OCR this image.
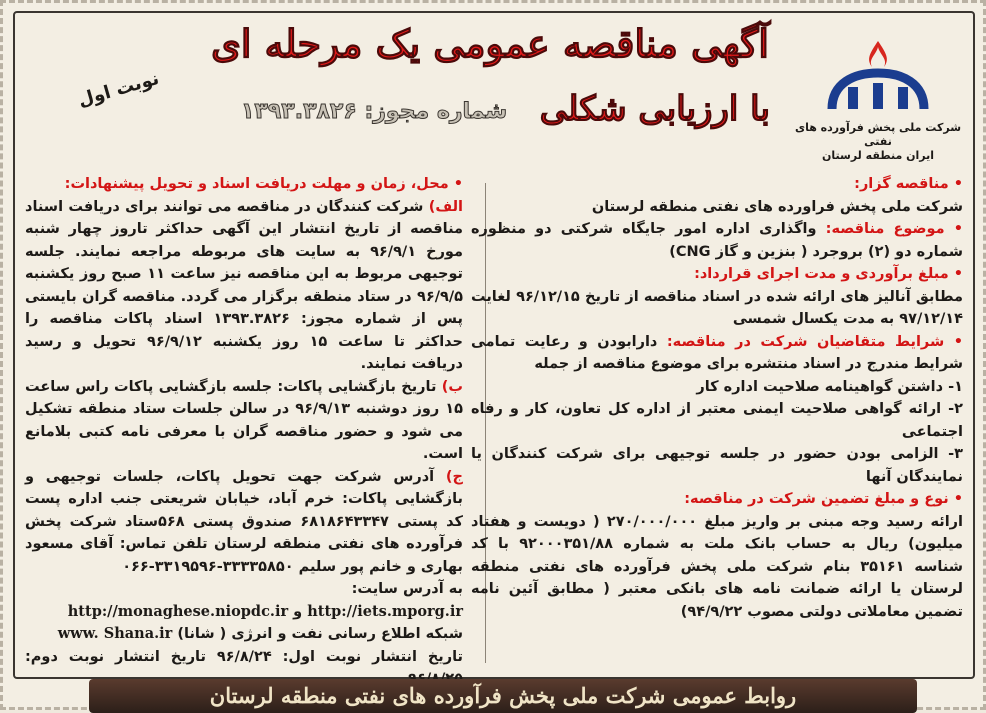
شرکت ملی پخش فرآورده های نفتی
ایران منطقه لرستان
آگهی مناقصه عمومی یک مرحله ای
با ارزیابی شکلی
شماره مجوز: ۱۳۹۳.۳۸۲۶
نوبت اول
• مناقصه گزار:
شرکت ملی پخش فراورده های نفتی منطقه لرستان
• موضوع مناقصه: واگذاری اداره امور جایگاه شرکتی دو منظوره شماره دو (۲) بروجرد ( بنزین و گاز CNG)
• مبلغ برآوردی و مدت اجرای قرارداد:
مطابق آنالیز های ارائه شده در اسناد مناقصه از تاریخ ۹۶/۱۲/۱۵ لغایت ۹۷/۱۲/۱۴ به مدت یکسال شمسی
• شرایط متقاضیان شرکت در مناقصه: دارابودن و رعایت تمامی شرایط مندرج در اسناد منتشره برای موضوع مناقصه از جمله
۱- داشتن گواهینامه صلاحیت اداره کار
۲- ارائه گواهی صلاحیت ایمنی معتبر از اداره کل تعاون، کار و رفاه اجتماعی
۳- الزامی بودن حضور در جلسه توجیهی برای شرکت کنندگان یا نمایندگان آنها
• نوع و مبلغ تضمین شرکت در مناقصه:
ارائه رسید وجه مبنی بر واریز مبلغ ۲۷۰/۰۰۰/۰۰۰ ( دویست و هفتاد میلیون) ریال به حساب بانک ملت به شماره ۹۲۰۰۰۳۵۱/۸۸ با کد شناسه ۳۵۱۶۱ بنام شرکت ملی پخش فرآورده های نفتی منطقه لرستان یا ارائه ضمانت نامه های بانکی معتبر ( مطابق آئین نامه تضمین معاملاتی دولتی مصوب ۹۴/۹/۲۲)
• محل، زمان و مهلت دریافت اسناد و تحویل پیشنهادات:
الف) شرکت کنندگان در مناقصه می توانند برای دریافت اسناد مناقصه از تاریخ انتشار این آگهی حداکثر تاروز چهار شنبه مورخ ۹۶/۹/۱ به سایت های مربوطه مراجعه نمایند. جلسه توجیهی مربوط به این مناقصه نیز ساعت ۱۱ صبح روز یکشنبه ۹۶/۹/۵ در ستاد منطقه برگزار می گردد. مناقصه گران بایستی پس از شماره مجوز: ۱۳۹۳.۳۸۲۶ اسناد پاکات مناقصه را حداکثر تا ساعت ۱۵ روز یکشنبه ۹۶/۹/۱۲ تحویل و رسید دریافت نمایند.
ب) تاریخ بازگشایی پاکات: جلسه بازگشایی پاکات راس ساعت ۱۵ روز دوشنبه ۹۶/۹/۱۳ در سالن جلسات ستاد منطقه تشکیل می شود و حضور مناقصه گران با معرفی نامه کتبی بلامانع است.
ج) آدرس شرکت جهت تحویل پاکات، جلسات توجیهی و بازگشایی پاکات: خرم آباد، خیابان شریعتی جنب اداره پست کد پستی ۶۸۱۸۶۴۳۳۴۷ صندوق پستی ۵۶۸ستاد شرکت پخش فرآورده های نفتی منطقه لرستان تلفن تماس: آقای مسعود بهاری و خانم پور سلیم ۳۳۳۳۵۸۵۰-۳۳۱۹۵۹۶-۰۶۶
به آدرس سایت:
http://iets.mporg.ir و http://monaghese.niopdc.ir
شبکه اطلاع رسانی نفت و انرژی ( شانا) www. Shana.ir
تاریخ انتشار نوبت اول: ۹۶/۸/۲۴ تاریخ انتشار نوبت دوم:
روابط عمومی شرکت ملی پخش فرآورده های نفتی منطقه لرستان
